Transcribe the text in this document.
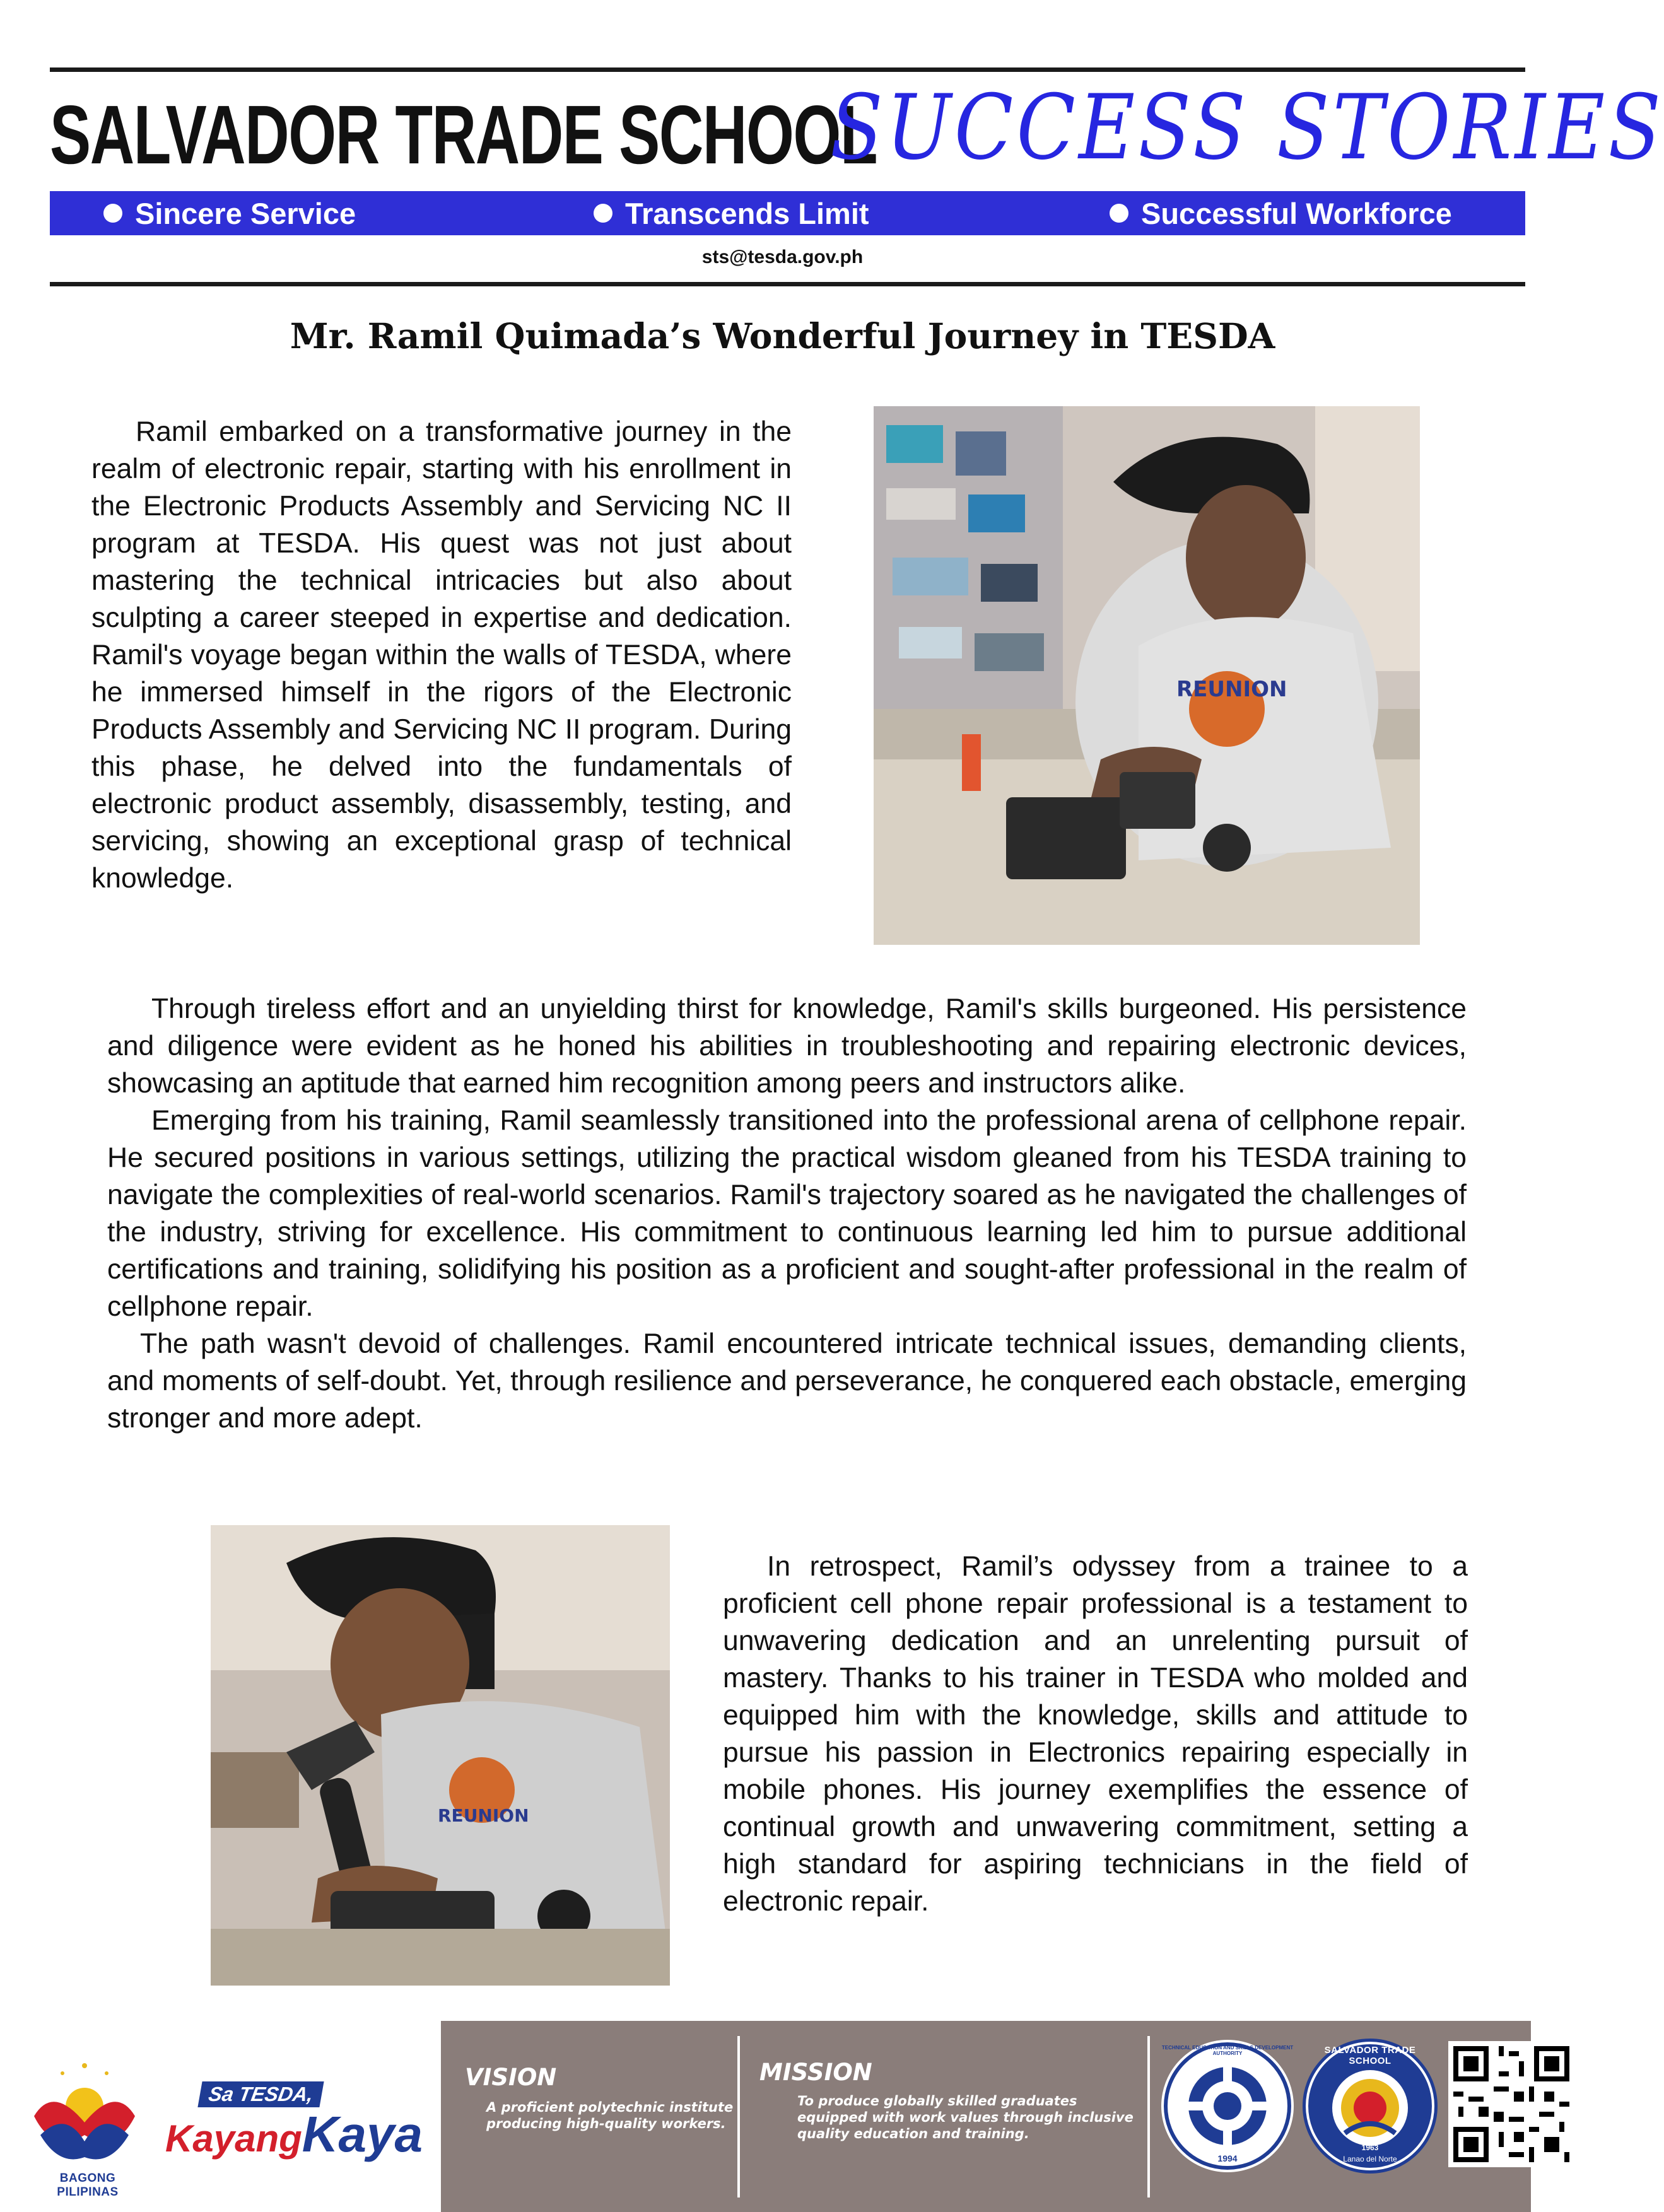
SALVADOR TRADE SCHOOL
SUCCESS STORIES
Sincere Service	Transcends Limit	Successful Workforce
sts@tesda.gov.ph
Mr. Ramil Quimada’s Wonderful Journey in TESDA

Ramil embarked on a transformative journey in the realm of electronic repair, starting with his enrollment in the Electronic Products Assembly and Servicing NC II program at TESDA. His quest was not just about mastering the technical intricacies but also about sculpting a career steeped in expertise and dedication. Ramil's voyage began within the walls of TESDA, where he immersed himself in the rigors of the Electronic Products Assembly and Servicing NC II program. During this phase, he delved into the fundamentals of electronic product assembly, disassembly, testing, and servicing, showing an exceptional grasp of technical knowledge.

REUNION

Through tireless effort and an unyielding thirst for knowledge, Ramil's skills burgeoned. His persistence and diligence were evident as he honed his abilities in troubleshooting and repairing electronic devices, showcasing an aptitude that earned him recognition among peers and instructors alike.

Emerging from his training, Ramil seamlessly transitioned into the professional arena of cellphone repair. He secured positions in various settings, utilizing the practical wisdom gleaned from his TESDA training to navigate the complexities of real-world scenarios. Ramil's trajectory soared as he navigated the challenges of the industry, striving for excellence. His commitment to continuous learning led him to pursue additional certifications and training, solidifying his position as a proficient and sought-after professional in the realm of cellphone repair.

The path wasn't devoid of challenges. Ramil encountered intricate technical issues, demanding clients, and moments of self-doubt. Yet, through resilience and perseverance, he conquered each obstacle, emerging stronger and more adept.

REUNION

In retrospect, Ramil’s odyssey from a trainee to a proficient cell phone repair professional is a testament to unwavering dedication and an unrelenting pursuit of mastery. Thanks to his trainer in TESDA who molded and equipped him with the knowledge, skills and attitude to pursue his passion in Electronics repairing especially in mobile phones. His journey exemplifies the essence of continual growth and unwavering commitment, setting a high standard for aspiring technicians in the field of electronic repair.

BAGONG PILIPINAS
Sa TESDA,
KayangKaya
VISION
A proficient polytechnic institute producing high-quality workers.
MISSION
To produce globally skilled graduates equipped with work values through inclusive quality education and training.
TECHNICAL EDUCATION AND SKILLS DEVELOPMENT AUTHORITY
1994
SALVADOR TRADE SCHOOL
1963
Lanao del Norte
